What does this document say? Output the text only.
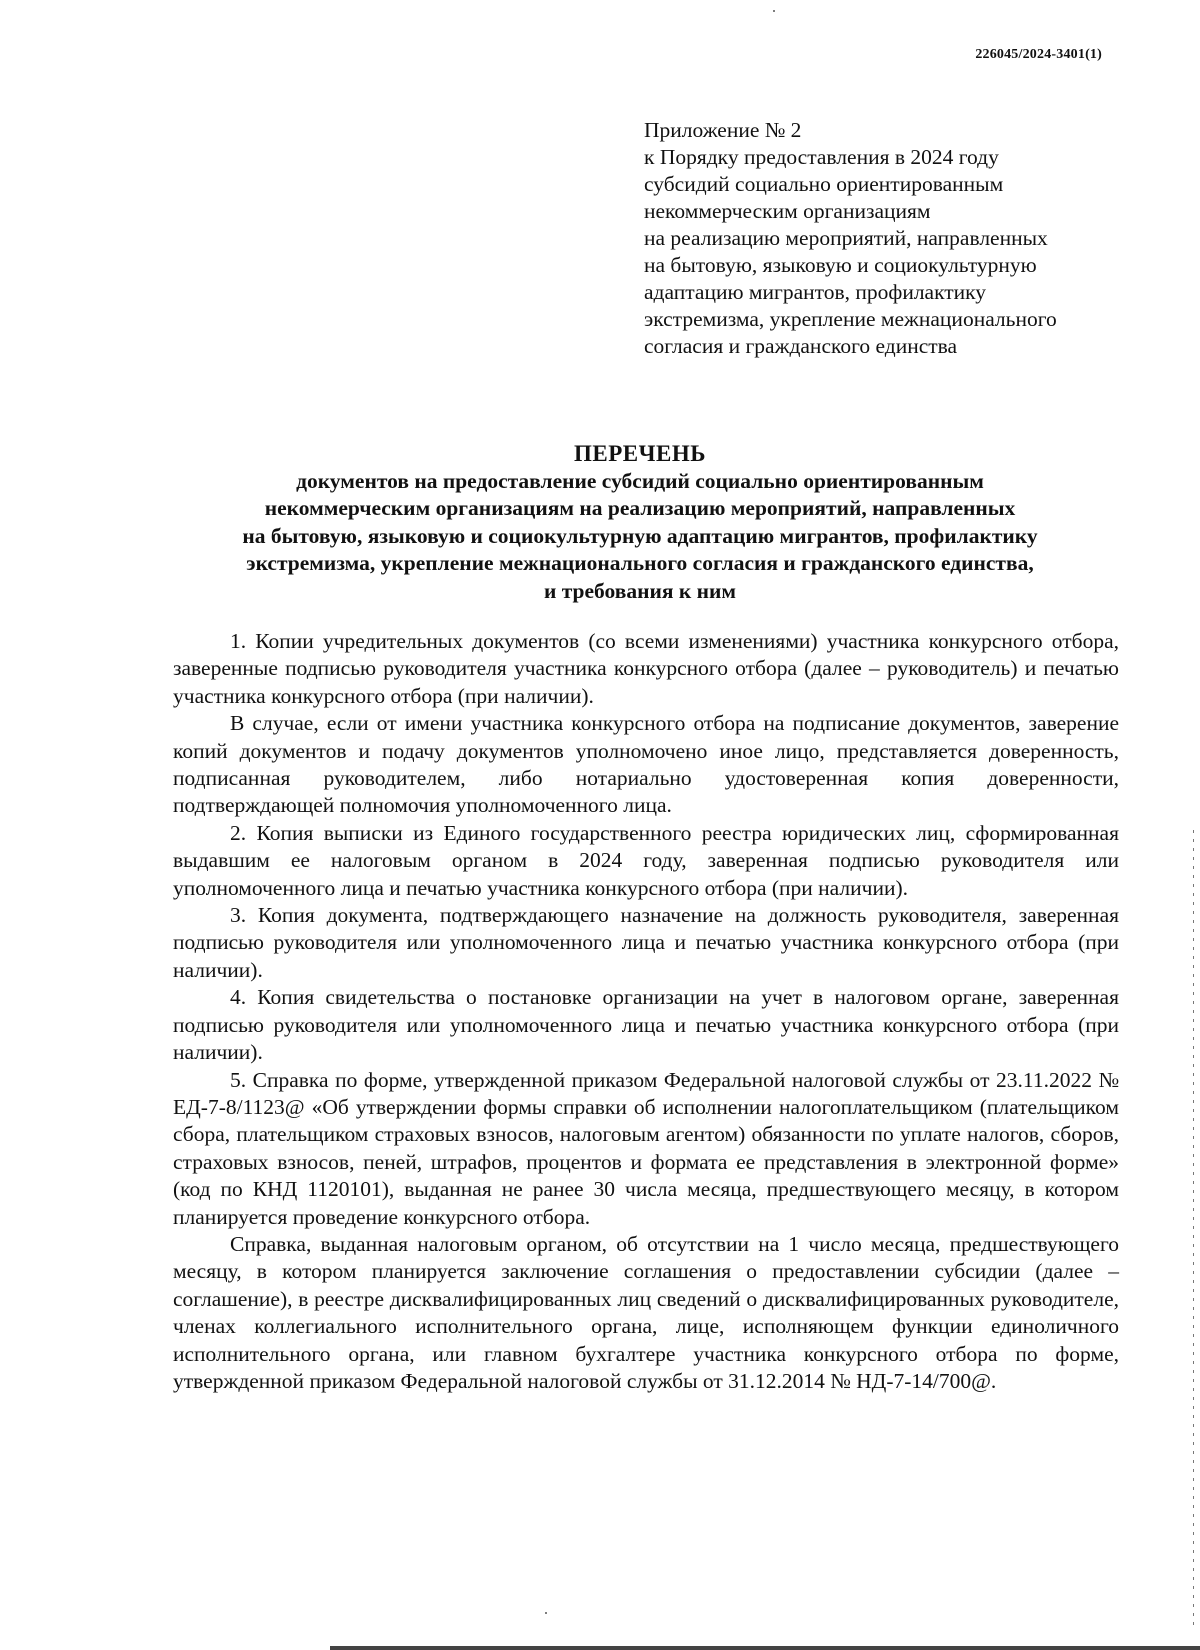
226045/2024-3401(1)
Приложение № 2
к Порядку предоставления в 2024 году
субсидий социально ориентированным
некоммерческим организациям
на реализацию мероприятий, направленных
на бытовую, языковую и социокультурную
адаптацию мигрантов, профилактику
экстремизма, укрепление межнационального
согласия и гражданского единства
ПЕРЕЧЕНЬ
документов на предоставление субсидий социально ориентированным
некоммерческим организациям на реализацию мероприятий, направленных
на бытовую, языковую и социокультурную адаптацию мигрантов, профилактику
экстремизма, укрепление межнационального согласия и гражданского единства,
и требования к ним

1. Копии учредительных документов (со всеми изменениями) участника конкурсного отбора, заверенные подписью руководителя участника конкурсного отбора (далее – руководитель) и печатью участника конкурсного отбора (при наличии).

В случае, если от имени участника конкурсного отбора на подписание документов, заверение копий документов и подачу документов уполномочено иное лицо, представляется доверенность, подписанная руководителем, либо нотариально удостоверенная копия доверенности, подтверждающей полномочия уполномоченного лица.

2. Копия выписки из Единого государственного реестра юридических лиц, сформированная выдавшим ее налоговым органом в 2024 году, заверенная подписью руководителя или уполномоченного лица и печатью участника конкурсного отбора (при наличии).

3. Копия документа, подтверждающего назначение на должность руководителя, заверенная подписью руководителя или уполномоченного лица и печатью участника конкурсного отбора (при наличии).

4. Копия свидетельства о постановке организации на учет в налоговом органе, заверенная подписью руководителя или уполномоченного лица и печатью участника конкурсного отбора (при наличии).

5. Справка по форме, утвержденной приказом Федеральной налоговой службы от 23.11.2022 № ЕД-7-8/1123@ «Об утверждении формы справки об исполнении налогоплательщиком (плательщиком сбора, плательщиком страховых взносов, налоговым агентом) обязанности по уплате налогов, сборов, страховых взносов, пеней, штрафов, процентов и формата ее представления в электронной форме» (код по КНД 1120101), выданная не ранее 30 числа месяца, предшествующего месяцу, в котором планируется проведение конкурсного отбора.

Справка, выданная налоговым органом, об отсутствии на 1 число месяца, предшествующего месяцу, в котором планируется заключение соглашения о предоставлении субсидии (далее – соглашение), в реестре дисквалифицированных лиц сведений о дисквалифицированных руководителе, членах коллегиального исполнительного органа, лице, исполняющем функции единоличного исполнительного органа, или главном бухгалтере участника конкурсного отбора по форме, утвержденной приказом Федеральной налоговой службы от 31.12.2014 № НД-7-14/700@.
